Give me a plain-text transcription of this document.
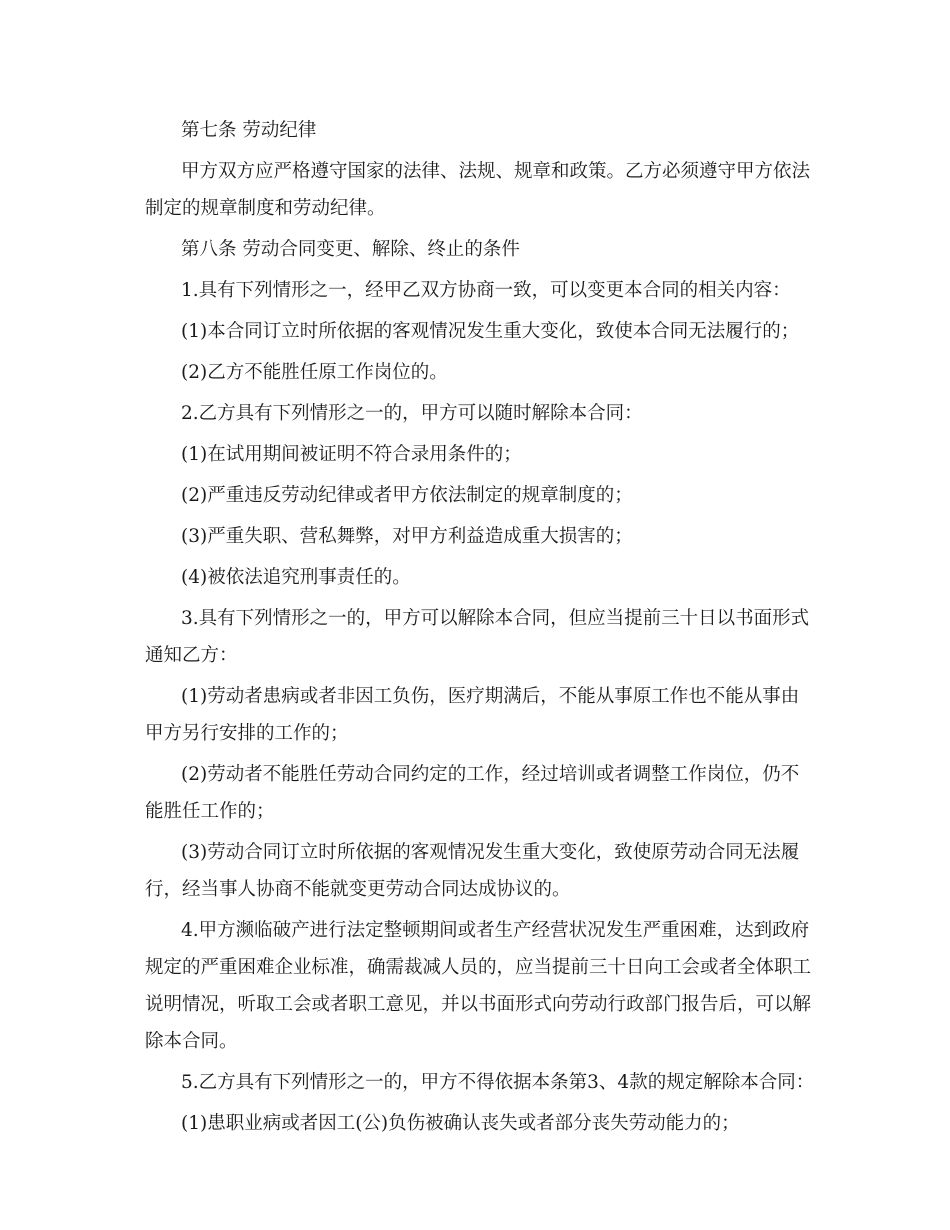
第七条 劳动纪律

甲方双方应严格遵守国家的法律、法规、规章和政策。乙方必须遵守甲方依法制定的规章制度和劳动纪律。

第八条 劳动合同变更、解除、终止的条件

1.具有下列情形之一，经甲乙双方协商一致，可以变更本合同的相关内容：

(1)本合同订立时所依据的客观情况发生重大变化，致使本合同无法履行的；

(2)乙方不能胜任原工作岗位的。

2.乙方具有下列情形之一的，甲方可以随时解除本合同：

(1)在试用期间被证明不符合录用条件的；

(2)严重违反劳动纪律或者甲方依法制定的规章制度的；

(3)严重失职、营私舞弊，对甲方利益造成重大损害的；

(4)被依法追究刑事责任的。

3.具有下列情形之一的，甲方可以解除本合同，但应当提前三十日以书面形式通知乙方：

(1)劳动者患病或者非因工负伤，医疗期满后，不能从事原工作也不能从事由甲方另行安排的工作的；

(2)劳动者不能胜任劳动合同约定的工作，经过培训或者调整工作岗位，仍不能胜任工作的；

(3)劳动合同订立时所依据的客观情况发生重大变化，致使原劳动合同无法履行，经当事人协商不能就变更劳动合同达成协议的。

4.甲方濒临破产进行法定整顿期间或者生产经营状况发生严重困难，达到政府规定的严重困难企业标准，确需裁减人员的，应当提前三十日向工会或者全体职工说明情况，听取工会或者职工意见，并以书面形式向劳动行政部门报告后，可以解除本合同。

5.乙方具有下列情形之一的，甲方不得依据本条第3、4款的规定解除本合同：

(1)患职业病或者因工(公)负伤被确认丧失或者部分丧失劳动能力的；
